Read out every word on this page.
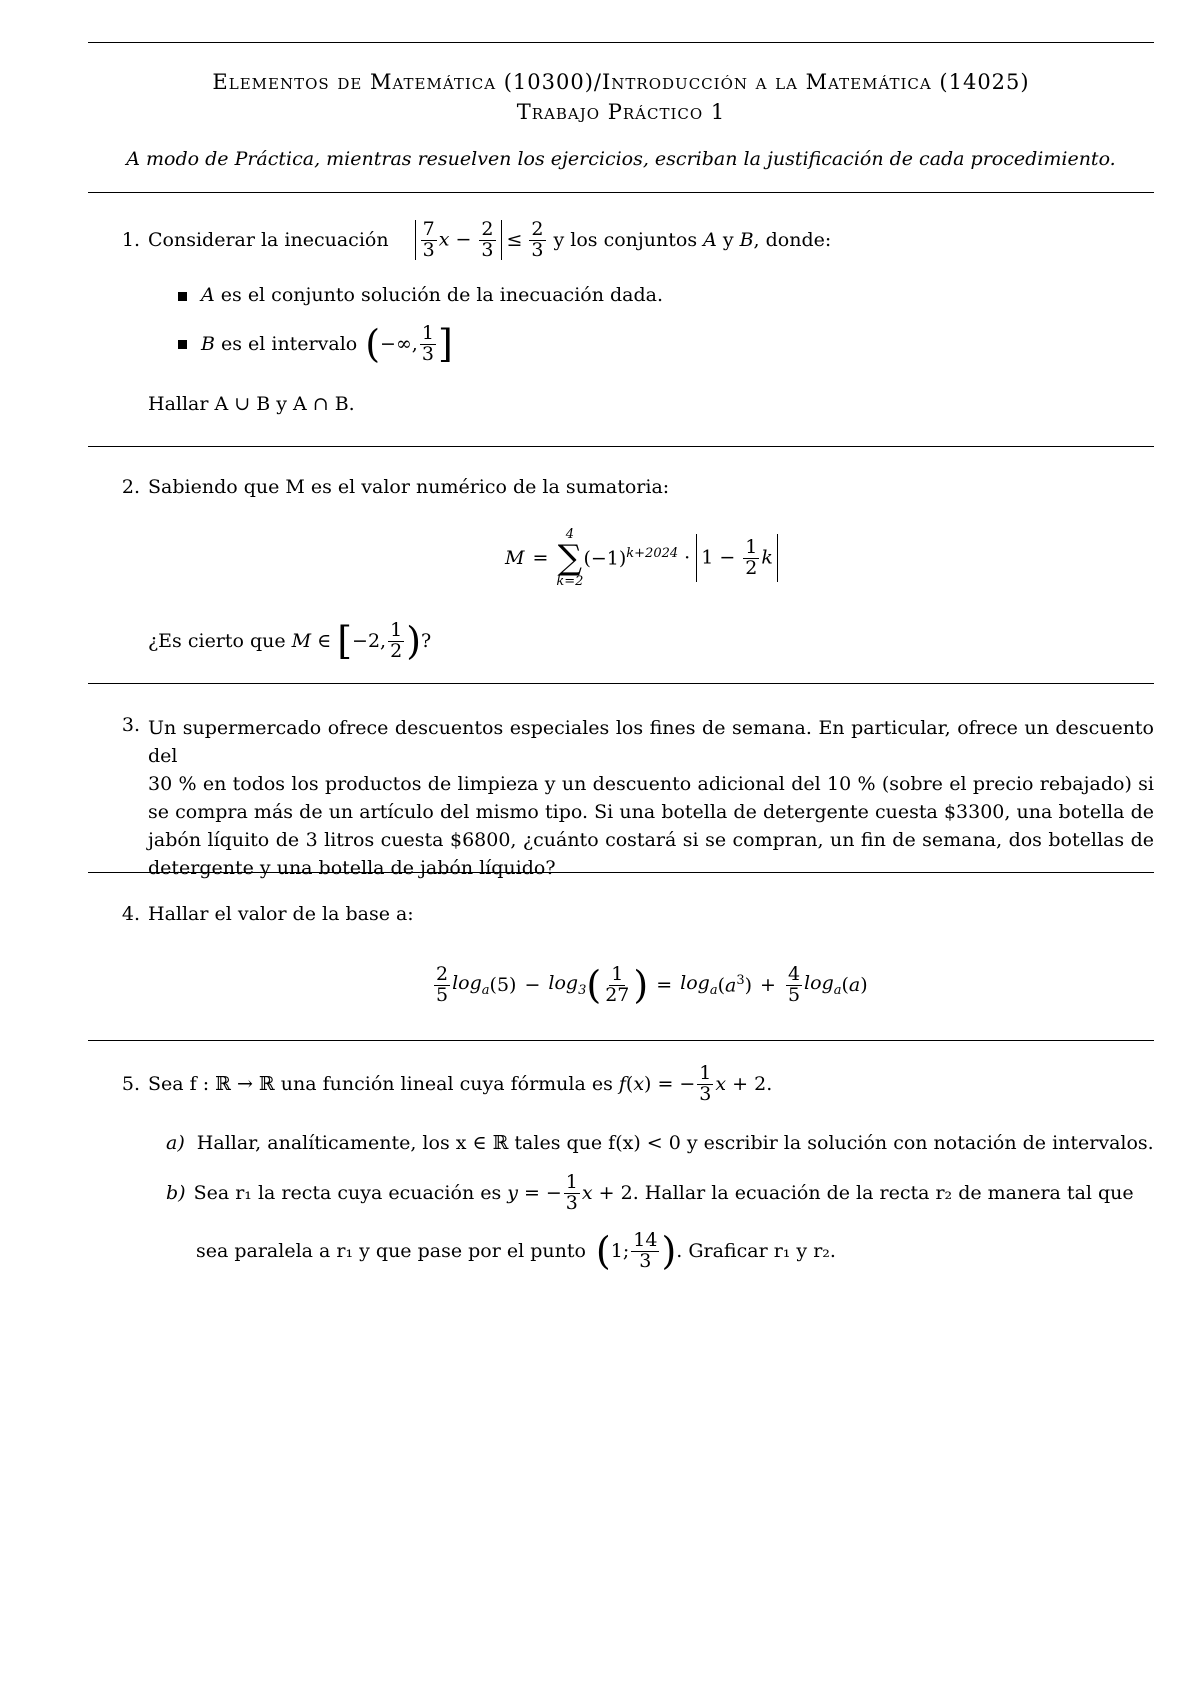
Elementos de Matemática (10300)/Introducción a la Matemática (14025)
Trabajo Práctico 1
A modo de Práctica, mientras resuelven los ejercicios, escriban la justificación de cada procedimiento.
1. Considerar la inecuación $\frac{7}{3}$ $x - \frac{2}{3} \le \frac{2}{3}$ y los conjuntos A y B , donde:
A es el conjunto solución de la inecuación dada.
B es el intervalo ( −∞, $\frac{1}{3}$ ]
Hallar A ∪ B y A ∩ B.
2. Sabiendo que M es el valor numérico de la sumatoria:
M =
4
∑
k=2
$(-1)^{k+2024} \cdot 1 - \frac{1}{2}$ k
¿Es cierto que M ∈ [ −2, $\frac{1}{2}$ ) ?
3. Un supermercado ofrece descuentos especiales los fines de semana. En particular, ofrece un descuento del
30 % en todos los productos de limpieza y un descuento adicional del 10 % (sobre el precio rebajado) si
se compra más de un artículo del mismo tipo. Si una botella de detergente cuesta $3300, una botella de
jabón líquito de 3 litros cuesta $6800, ¿cuánto costará si se compran, un fin de semana, dos botellas de
detergente y una botella de jabón líquido?
4. Hallar el valor de la base a:
$\frac{2}{5} \log_a (5) - \log_3$ ( $\frac{1}{27}$ ) = $\log_a (a^3) + \frac{4}{5} \log_a (a)$
5. Sea f : ℝ → ℝ una función lineal cuya fórmula es f (x) = − $\frac{1}{3}$ x + 2.
a) Hallar, analíticamente, los x ∈ ℝ tales que f(x) < 0 y escribir la solución con notación de intervalos.
b) Sea r₁ la recta cuya ecuación es y = − $\frac{1}{3}$ x + 2 . Hallar la ecuación de la recta r₂ de manera tal que
sea paralela a r₁ y que pase por el punto ( 1; $\frac{14}{3}$ ) . Graficar r₁ y r₂.
